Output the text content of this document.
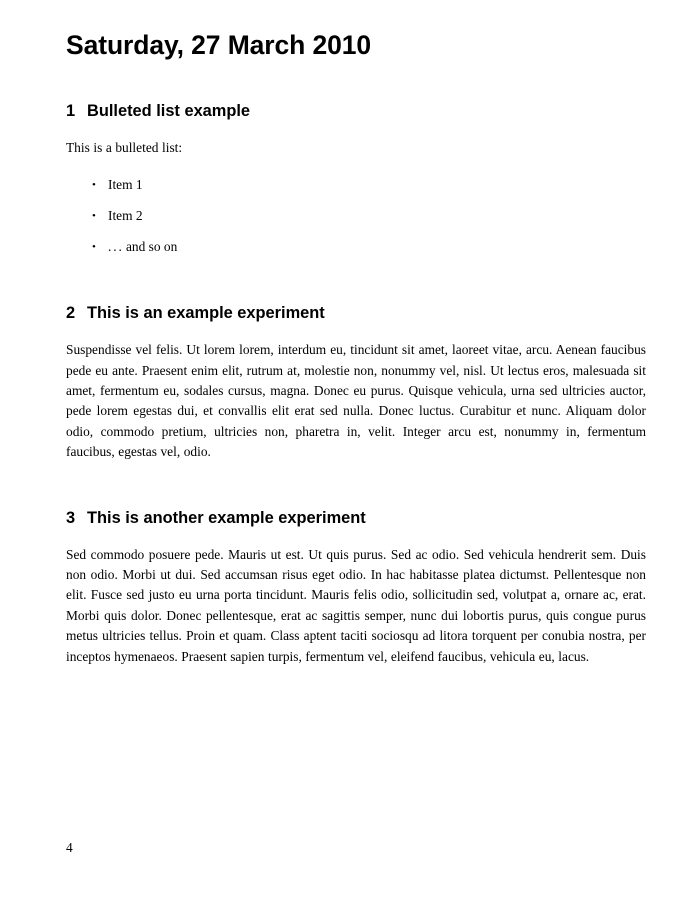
Saturday, 27 March 2010
1 Bulleted list example

This is a bulleted list:

• Item 1
• Item 2
• ... and so on
2 This is an example experiment

Suspendisse vel felis. Ut lorem lorem, interdum eu, tincidunt sit amet, laoreet vitae, arcu. Aenean faucibus pede eu ante. Praesent enim elit, rutrum at, molestie non, nonummy vel, nisl. Ut lectus eros, malesuada sit amet, fermentum eu, sodales cursus, magna. Donec eu purus. Quisque vehicula, urna sed ultricies auctor, pede lorem egestas dui, et convallis elit erat sed nulla. Donec luctus. Curabitur et nunc. Aliquam dolor odio, commodo pretium, ultricies non, pharetra in, velit. Integer arcu est, nonummy in, fermentum faucibus, egestas vel, odio.

3 This is another example experiment

Sed commodo posuere pede. Mauris ut est. Ut quis purus. Sed ac odio. Sed vehicula hendrerit sem. Duis non odio. Morbi ut dui. Sed accumsan risus eget odio. In hac habitasse platea dictumst. Pellentesque non elit. Fusce sed justo eu urna porta tincidunt. Mauris felis odio, sollicitudin sed, volutpat a, ornare ac, erat. Morbi quis dolor. Donec pellentesque, erat ac sagittis semper, nunc dui lobortis purus, quis congue purus metus ultricies tellus. Proin et quam. Class aptent taciti sociosqu ad litora torquent per conubia nostra, per inceptos hymenaeos. Praesent sapien turpis, fermentum vel, eleifend faucibus, vehicula eu, lacus.

4
